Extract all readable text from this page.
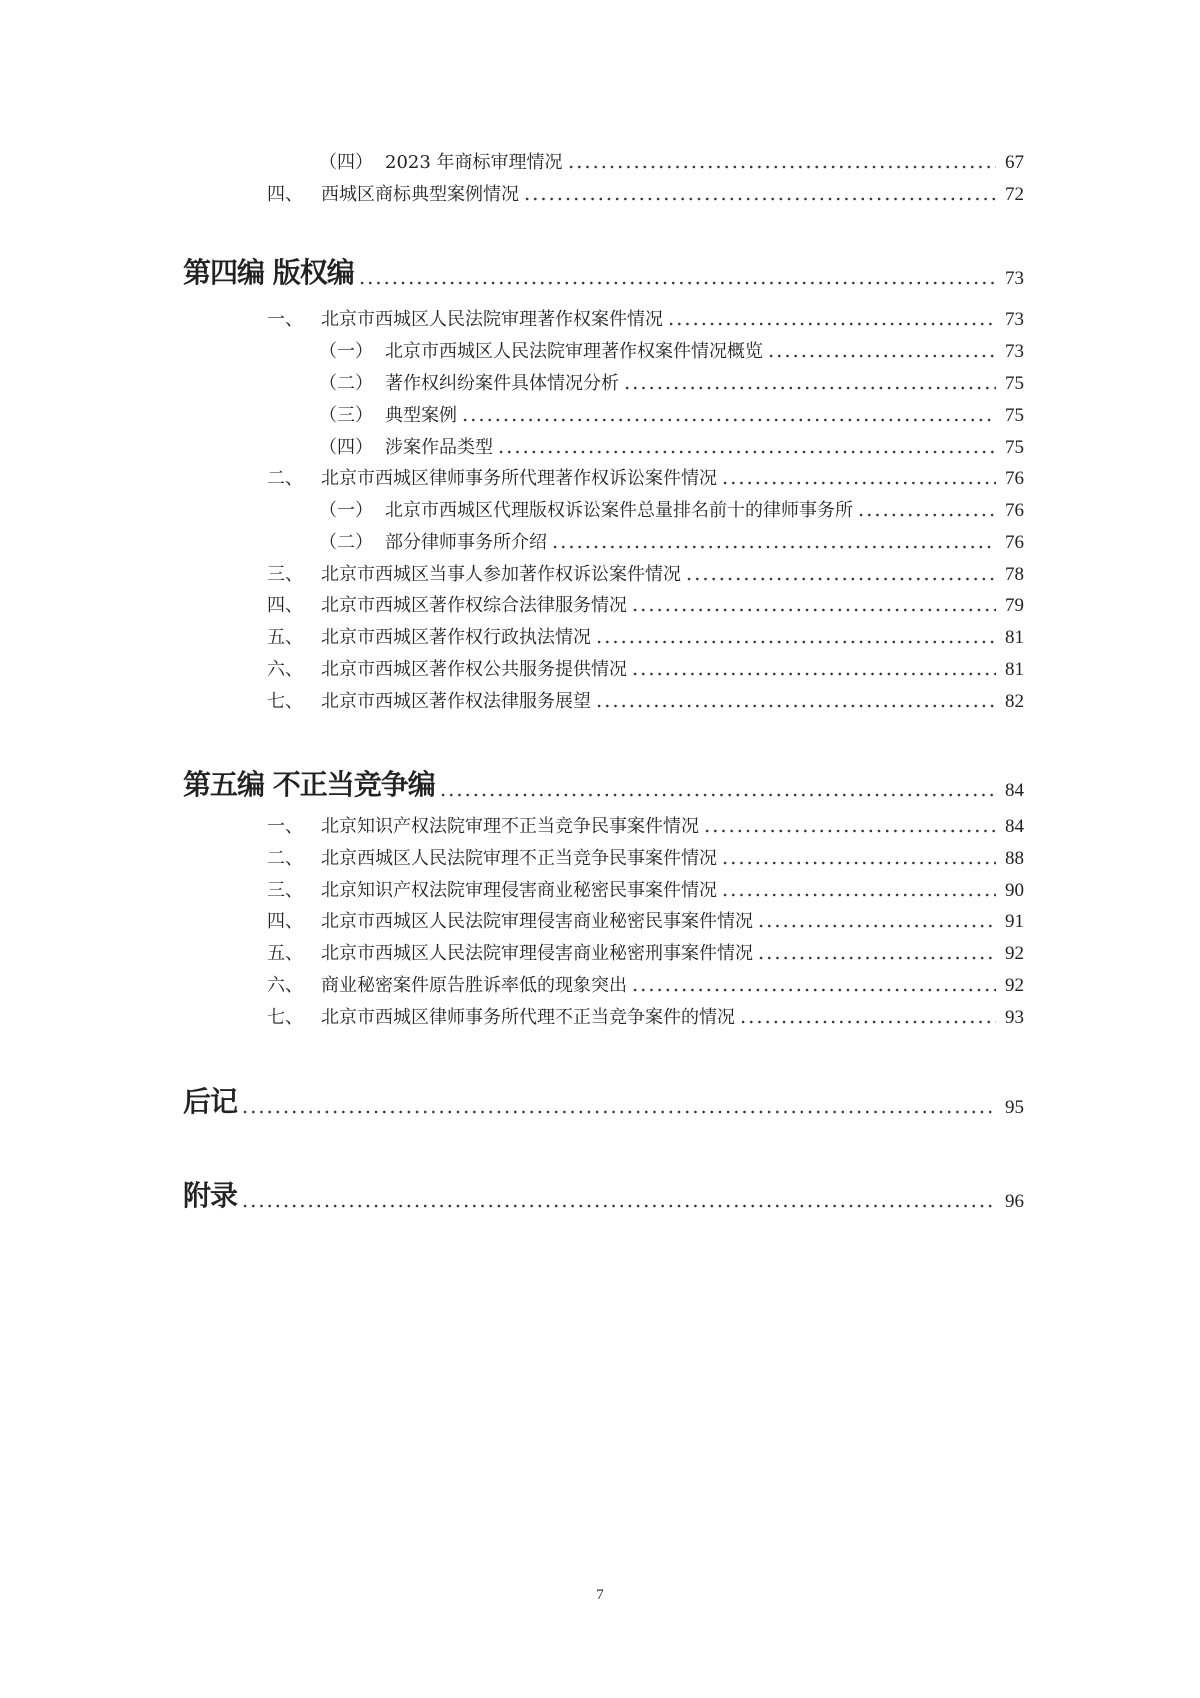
（四） 2023 年商标审理情况	67
四、	西城区商标典型案例情况	72
第四编 版权编	73
一、	北京市西城区人民法院审理著作权案件情况	73
（一） 北京市西城区人民法院审理著作权案件情况概览	73
（二） 著作权纠纷案件具体情况分析	75
（三） 典型案例	75
（四） 涉案作品类型	75
二、	北京市西城区律师事务所代理著作权诉讼案件情况	76
（一） 北京市西城区代理版权诉讼案件总量排名前十的律师事务所	76
（二） 部分律师事务所介绍	76
三、	北京市西城区当事人参加著作权诉讼案件情况	78
四、	北京市西城区著作权综合法律服务情况	79
五、	北京市西城区著作权行政执法情况	81
六、	北京市西城区著作权公共服务提供情况	81
七、	北京市西城区著作权法律服务展望	82
第五编 不正当竞争编	84
一、	北京知识产权法院审理不正当竞争民事案件情况	84
二、	北京西城区人民法院审理不正当竞争民事案件情况	88
三、	北京知识产权法院审理侵害商业秘密民事案件情况	90
四、	北京市西城区人民法院审理侵害商业秘密民事案件情况	91
五、	北京市西城区人民法院审理侵害商业秘密刑事案件情况	92
六、	商业秘密案件原告胜诉率低的现象突出	92
七、	北京市西城区律师事务所代理不正当竞争案件的情况	93
后记	95
附录	96
7
